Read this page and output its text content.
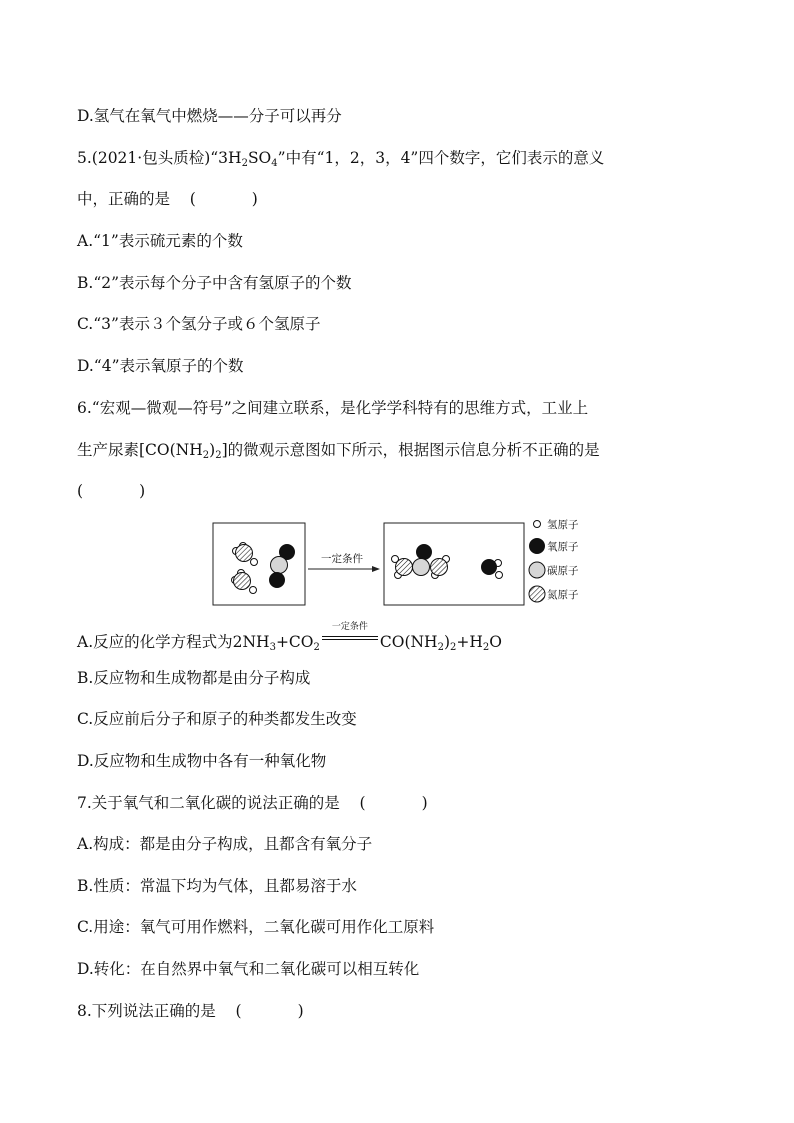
D.氢气在氧气中燃烧——分子可以再分

5.(2021·包头质检)“$3H_2SO_4$”中有“1，2，3，4”四个数字，它们表示的意义

中，正确的是 (	)

A.“1”表示硫元素的个数

B.“2”表示每个分子中含有氢原子的个数

C.“3”表示３个氢分子或６个氢原子

D.“4”表示氧原子的个数

6.“宏观—微观—符号”之间建立联系，是化学学科特有的思维方式，工业上

生产尿素$[CO(NH_2)_2]$的微观示意图如下所示，根据图示信息分析不正确的是

(	)

一定条件
氢原子
氧原子
碳原子
氮原子

A.反应的化学方程式为$2NH_3+CO_2$
一定条件
$CO(NH_2)_2+H_2O$

B.反应物和生成物都是由分子构成

C.反应前后分子和原子的种类都发生改变

D.反应物和生成物中各有一种氧化物

7.关于氧气和二氧化碳的说法正确的是 (	)

A.构成：都是由分子构成，且都含有氧分子

B.性质：常温下均为气体，且都易溶于水

C.用途：氧气可用作燃料，二氧化碳可用作化工原料

D.转化：在自然界中氧气和二氧化碳可以相互转化

8.下列说法正确的是 (	)
